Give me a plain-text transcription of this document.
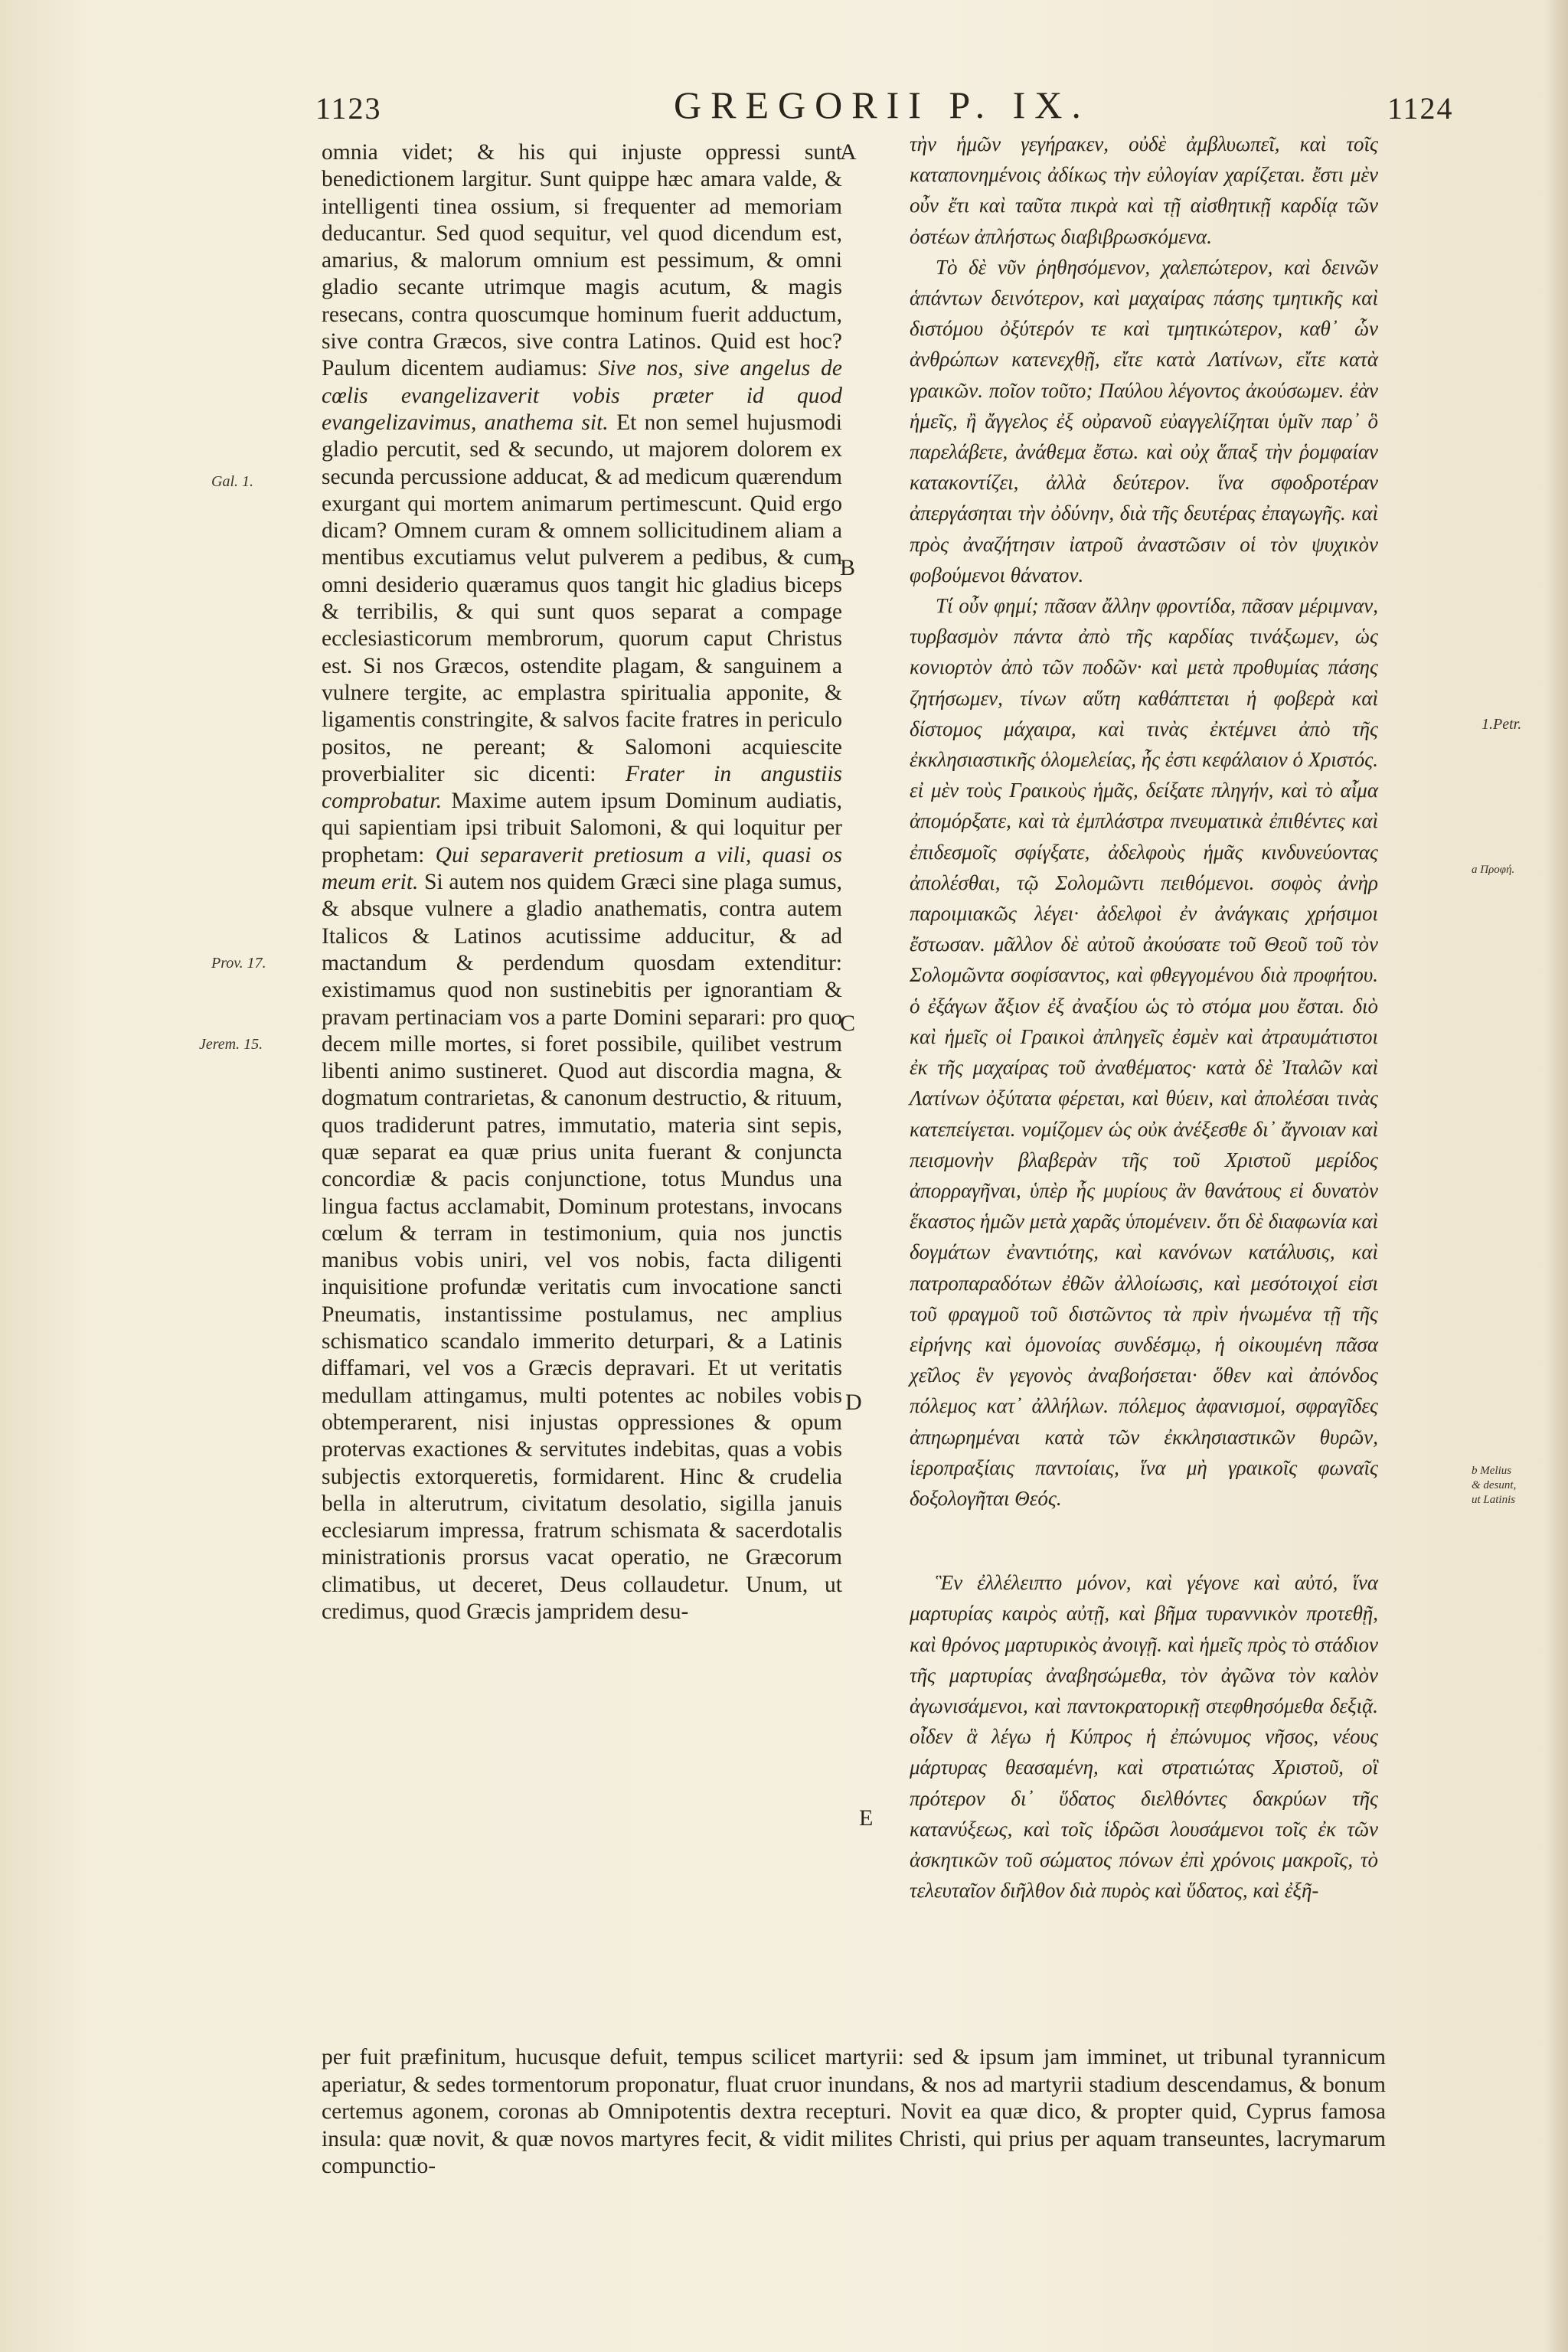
1123	GREGORII P. IX.	1124
Gal. 1.
Prov. 17.
Jerem. 15.
1.Petr.
a Προφή.
b Melius & desunt, ut Latinis
A
B
C
D
E

omnia videt; & his qui injuste oppressi sunt benedictionem largitur. Sunt quippe hæc amara valde, & intelligenti tinea ossium, si frequenter ad memoriam deducantur. Sed quod sequitur, vel quod dicendum est, amarius, & malorum omnium est pessimum, & omni gladio secante utrimque magis acutum, & magis resecans, contra quoscumque hominum fuerit adductum, sive contra Græcos, sive contra Latinos. Quid est hoc? Paulum dicentem audiamus: Sive nos, sive angelus de cœlis evangelizaverit vobis præter id quod evangelizavimus, anathema sit. Et non semel hujusmodi gladio percutit, sed & secundo, ut majorem dolorem ex secunda percussione adducat, & ad medicum quærendum exurgant qui mortem animarum pertimescunt. Quid ergo dicam? Omnem curam & omnem sollicitudinem aliam a mentibus excutiamus velut pulverem a pedibus, & cum omni desiderio quæramus quos tangit hic gladius biceps & terribilis, & qui sunt quos separat a compage ecclesiasticorum membrorum, quorum caput Christus est. Si nos Græcos, ostendite plagam, & sanguinem a vulnere tergite, ac emplastra spiritualia apponite, & ligamentis constringite, & salvos facite fratres in periculo positos, ne pereant; & Salomoni acquiescite proverbialiter sic dicenti: Frater in angustiis comprobatur. Maxime autem ipsum Dominum audiatis, qui sapientiam ipsi tribuit Salomoni, & qui loquitur per prophetam: Qui separaverit pretiosum a vili, quasi os meum erit. Si autem nos quidem Græci sine plaga sumus, & absque vulnere a gladio anathematis, contra autem Italicos & Latinos acutissime adducitur, & ad mactandum & perdendum quosdam extenditur: existimamus quod non sustinebitis per ignorantiam & pravam pertinaciam vos a parte Domini separari: pro quo decem mille mortes, si foret possibile, quilibet vestrum libenti animo sustineret. Quod aut discordia magna, & dogmatum contrarietas, & canonum destructio, & rituum, quos tradiderunt patres, immutatio, materia sint sepis, quæ separat ea quæ prius unita fuerant & conjuncta concordiæ & pacis conjunctione, totus Mundus una lingua factus acclamabit, Dominum protestans, invocans cœlum & terram in testimonium, quia nos junctis manibus vobis uniri, vel vos nobis, facta diligenti inquisitione profundæ veritatis cum invocatione sancti Pneumatis, instantissime postulamus, nec amplius schismatico scandalo immerito deturpari, & a Latinis diffamari, vel vos a Græcis depravari. Et ut veritatis medullam attingamus, multi potentes ac nobiles vobis obtemperarent, nisi injustas oppressiones & opum protervas exactiones & servitutes indebitas, quas a vobis subjectis extorqueretis, formidarent. Hinc & crudelia bella in alterutrum, civitatum desolatio, sigilla januis ecclesiarum impressa, fratrum schismata & sacerdotalis ministrationis prorsus vacat operatio, ne Græcorum climatibus, ut deceret, Deus collaudetur. Unum, ut credimus, quod Græcis jampridem desu-

τὴν ἡμῶν γεγήρακεν, οὐδὲ ἀμβλυωπεῖ, καὶ τοῖς καταπονημένοις ἀδίκως τὴν εὐλογίαν χαρίζεται. ἔστι μὲν οὖν ἔτι καὶ ταῦτα πικρὰ καὶ τῇ αἰσθητικῇ καρδίᾳ τῶν ὀστέων ἀπλήστως διαβιβρωσκόμενα.

Τὸ δὲ νῦν ῥηθησόμενον, χαλεπώτερον, καὶ δεινῶν ἁπάντων δεινότερον, καὶ μαχαίρας πάσης τμητικῆς καὶ διστόμου ὀξύτερόν τε καὶ τμητικώτερον, καθ᾽ ὧν ἀνθρώπων κατενεχθῇ, εἴτε κατὰ Λατίνων, εἴτε κατὰ γραικῶν. ποῖον τοῦτο; Παύλου λέγοντος ἀκούσωμεν. ἐὰν ἡμεῖς, ἢ ἄγγελος ἐξ οὐρανοῦ εὐαγγελίζηται ὑμῖν παρ᾽ ὃ παρελάβετε, ἀνάθεμα ἔστω. καὶ οὐχ ἅπαξ τὴν ῥομφαίαν κατακοντίζει, ἀλλὰ δεύτερον. ἵνα σφοδροτέραν ἀπεργάσηται τὴν ὀδύνην, διὰ τῆς δευτέρας ἐπαγωγῆς. καὶ πρὸς ἀναζήτησιν ἰατροῦ ἀναστῶσιν οἱ τὸν ψυχικὸν φοβούμενοι θάνατον.

Τί οὖν φημί; πᾶσαν ἄλλην φροντίδα, πᾶσαν μέριμναν, τυρβασμὸν πάντα ἀπὸ τῆς καρδίας τινάξωμεν, ὡς κονιορτὸν ἀπὸ τῶν ποδῶν· καὶ μετὰ προθυμίας πάσης ζητήσωμεν, τίνων αὕτη καθάπτεται ἡ φοβερὰ καὶ δίστομος μάχαιρα, καὶ τινὰς ἐκτέμνει ἀπὸ τῆς ἐκκλησιαστικῆς ὁλομελείας, ἧς ἐστι κεφάλαιον ὁ Χριστός. εἰ μὲν τοὺς Γραικοὺς ἡμᾶς, δείξατε πληγήν, καὶ τὸ αἷμα ἀπομόρξατε, καὶ τὰ ἐμπλάστρα πνευματικὰ ἐπιθέντες καὶ ἐπιδεσμοῖς σφίγξατε, ἀδελφοὺς ἡμᾶς κινδυνεύοντας ἀπολέσθαι, τῷ Σολομῶντι πειθόμενοι. σοφὸς ἀνὴρ παροιμιακῶς λέγει· ἀδελφοὶ ἐν ἀνάγκαις χρήσιμοι ἔστωσαν. μᾶλλον δὲ αὐτοῦ ἀκούσατε τοῦ Θεοῦ τοῦ τὸν Σολομῶντα σοφίσαντος, καὶ φθεγγομένου διὰ προφήτου. ὁ ἐξάγων ἄξιον ἐξ ἀναξίου ὡς τὸ στόμα μου ἔσται. διὸ καὶ ἡμεῖς οἱ Γραικοὶ ἀπληγεῖς ἐσμὲν καὶ ἀτραυμάτιστοι ἐκ τῆς μαχαίρας τοῦ ἀναθέματος· κατὰ δὲ Ἰταλῶν καὶ Λατίνων ὀξύτατα φέρεται, καὶ θύειν, καὶ ἀπολέσαι τινὰς κατεπείγεται. νομίζομεν ὡς οὐκ ἀνέξεσθε δι᾽ ἄγνοιαν καὶ πεισμονὴν βλαβερὰν τῆς τοῦ Χριστοῦ μερίδος ἀπορραγῆναι, ὑπὲρ ἧς μυρίους ἂν θανάτους εἰ δυνατὸν ἕκαστος ἡμῶν μετὰ χαρᾶς ὑπομένειν. ὅτι δὲ διαφωνία καὶ δογμάτων ἐναντιότης, καὶ κανόνων κατάλυσις, καὶ πατροπαραδότων ἐθῶν ἀλλοίωσις, καὶ μεσότοιχοί εἰσι τοῦ φραγμοῦ τοῦ διστῶντος τὰ πρὶν ἡνωμένα τῇ τῆς εἰρήνης καὶ ὁμονοίας συνδέσμῳ, ἡ οἰκουμένη πᾶσα χεῖλος ἓν γεγονὸς ἀναβοήσεται· ὅθεν καὶ ἀπόνδος πόλεμος κατ᾽ ἀλλήλων. πόλεμος ἀφανισμοί, σφραγῖδες ἀπηωρημέναι κατὰ τῶν ἐκκλησιαστικῶν θυρῶν, ἱεροπραξίαις παντοίαις, ἵνα μὴ γραικοῖς φωναῖς δοξολογῆται Θεός.

Ἓν ἐλλέλειπτο μόνον, καὶ γέγονε καὶ αὐτό, ἵνα μαρτυρίας καιρὸς αὐτῇ, καὶ βῆμα τυραννικὸν προτεθῇ, καὶ θρόνος μαρτυρικὸς ἀνοιγῇ. καὶ ἡμεῖς πρὸς τὸ στάδιον τῆς μαρτυρίας ἀναβησώμεθα, τὸν ἀγῶνα τὸν καλὸν ἀγωνισάμενοι, καὶ παντοκρατορικῇ στεφθησόμεθα δεξιᾷ. οἶδεν ἃ λέγω ἡ Κύπρος ἡ ἐπώνυμος νῆσος, νέους μάρτυρας θεασαμένη, καὶ στρατιώτας Χριστοῦ, οἳ πρότερον δι᾽ ὕδατος διελθόντες δακρύων τῆς κατανύξεως, καὶ τοῖς ἱδρῶσι λουσάμενοι τοῖς ἐκ τῶν ἀσκητικῶν τοῦ σώματος πόνων ἐπὶ χρόνοις μακροῖς, τὸ τελευταῖον διῆλθον διὰ πυρὸς καὶ ὕδατος, καὶ ἐξῆ-

per fuit præfinitum, hucusque defuit, tempus scilicet martyrii: sed & ipsum jam imminet, ut tribunal tyrannicum aperiatur, & sedes tormentorum proponatur, fluat cruor inundans, & nos ad martyrii stadium descendamus, & bonum certemus agonem, coronas ab Omnipotentis dextra recepturi. Novit ea quæ dico, & propter quid, Cyprus famosa insula: quæ novit, & quæ novos martyres fecit, & vidit milites Christi, qui prius per aquam transeuntes, lacrymarum compunctio-
